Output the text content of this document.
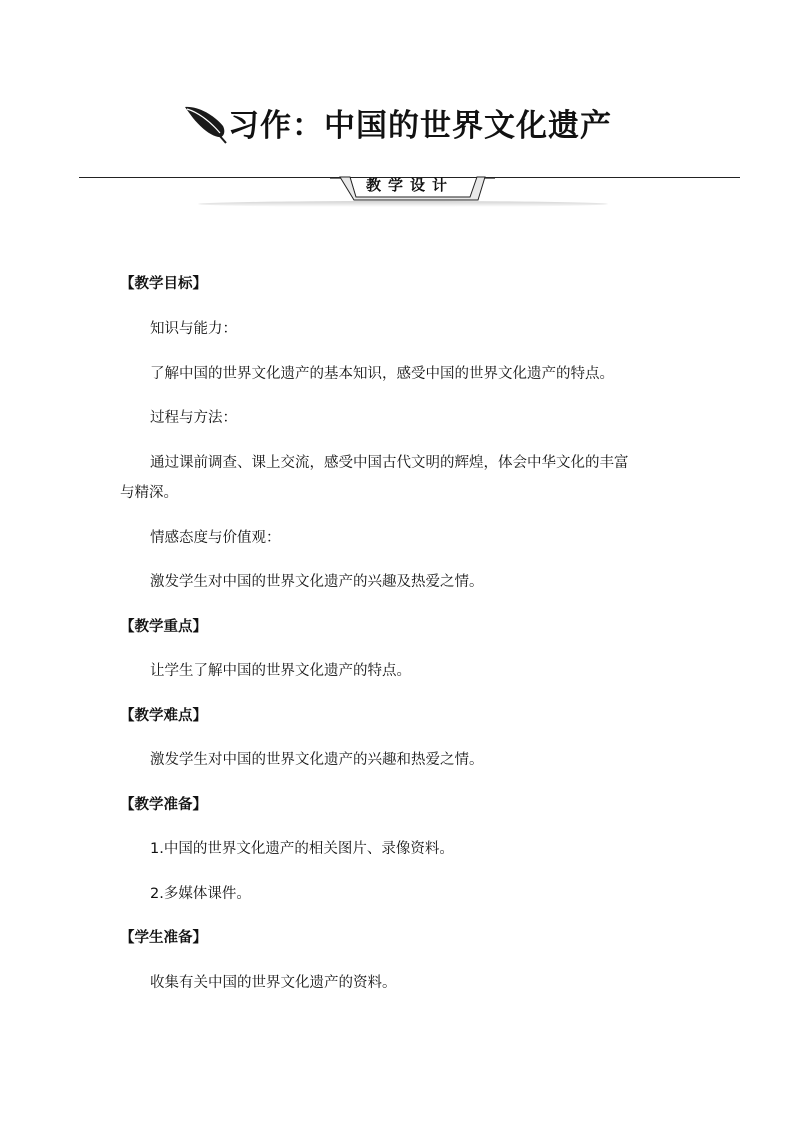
习作：中国的世界文化遗产
教学设计
【教学目标】
知识与能力：
了解中国的世界文化遗产的基本知识，感受中国的世界文化遗产的特点。
过程与方法：
通过课前调查、课上交流，感受中国古代文明的辉煌，体会中华文化的丰富
与精深。
情感态度与价值观：
激发学生对中国的世界文化遗产的兴趣及热爱之情。
【教学重点】
让学生了解中国的世界文化遗产的特点。
【教学难点】
激发学生对中国的世界文化遗产的兴趣和热爱之情。
【教学准备】
1.中国的世界文化遗产的相关图片、录像资料。
2.多媒体课件。
【学生准备】
收集有关中国的世界文化遗产的资料。
